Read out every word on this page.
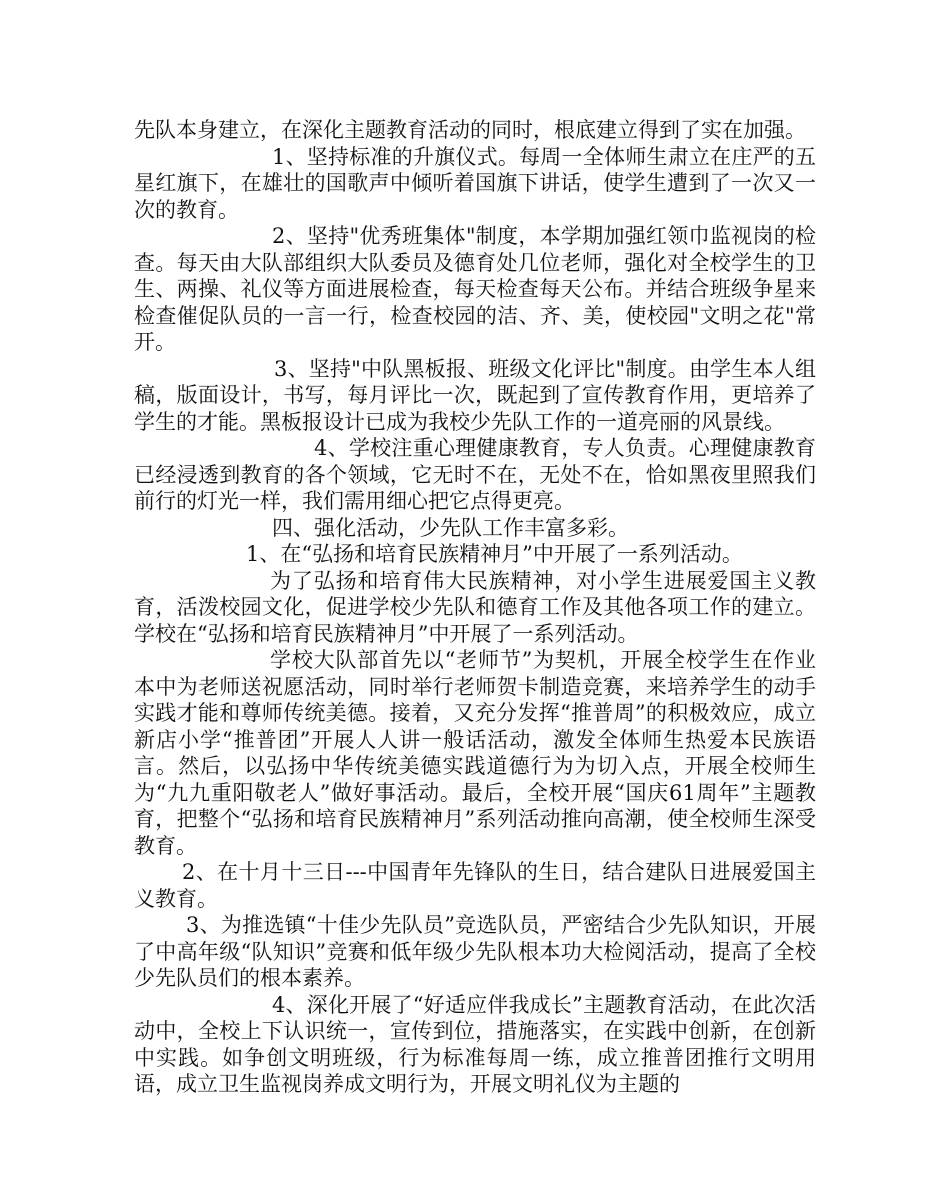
先队本身建立，在深化主题教育活动的同时，根底建立得到了实在加强。

1、坚持标准的升旗仪式。每周一全体师生肃立在庄严的五星红旗下，在雄壮的国歌声中倾听着国旗下讲话，使学生遭到了一次又一次的教育。

2、坚持"优秀班集体"制度，本学期加强红领巾监视岗的检查。每天由大队部组织大队委员及德育处几位老师，强化对全校学生的卫生、两操、礼仪等方面进展检查，每天检查每天公布。并结合班级争星来检查催促队员的一言一行，检查校园的洁、齐、美，使校园"文明之花"常开。

3、坚持"中队黑板报、班级文化评比"制度。由学生本人组稿，版面设计，书写，每月评比一次，既起到了宣传教育作用，更培养了学生的才能。黑板报设计已成为我校少先队工作的一道亮丽的风景线。

4、学校注重心理健康教育，专人负责。心理健康教育已经浸透到教育的各个领域，它无时不在，无处不在，恰如黑夜里照我们前行的灯光一样，我们需用细心把它点得更亮。

四、强化活动，少先队工作丰富多彩。

1、在“弘扬和培育民族精神月”中开展了一系列活动。

为了弘扬和培育伟大民族精神，对小学生进展爱国主义教育，活泼校园文化，促进学校少先队和德育工作及其他各项工作的建立。学校在“弘扬和培育民族精神月”中开展了一系列活动。

学校大队部首先以“老师节”为契机，开展全校学生在作业本中为老师送祝愿活动，同时举行老师贺卡制造竞赛，来培养学生的动手实践才能和尊师传统美德。接着，又充分发挥“推普周”的积极效应，成立新店小学“推普团”开展人人讲一般话活动，激发全体师生热爱本民族语言。然后，以弘扬中华传统美德实践道德行为为切入点，开展全校师生为“九九重阳敬老人”做好事活动。最后，全校开展“国庆61周年”主题教育，把整个“弘扬和培育民族精神月”系列活动推向高潮，使全校师生深受教育。

2、在十月十三日---中国青年先锋队的生日，结合建队日进展爱国主义教育。

3、为推选镇“十佳少先队员”竞选队员，严密结合少先队知识，开展了中高年级“队知识”竞赛和低年级少先队根本功大检阅活动，提高了全校少先队员们的根本素养。

4、深化开展了“好适应伴我成长”主题教育活动，在此次活动中，全校上下认识统一，宣传到位，措施落实，在实践中创新，在创新中实践。如争创文明班级，行为标准每周一练，成立推普团推行文明用语，成立卫生监视岗养成文明行为，开展文明礼仪为主题的
